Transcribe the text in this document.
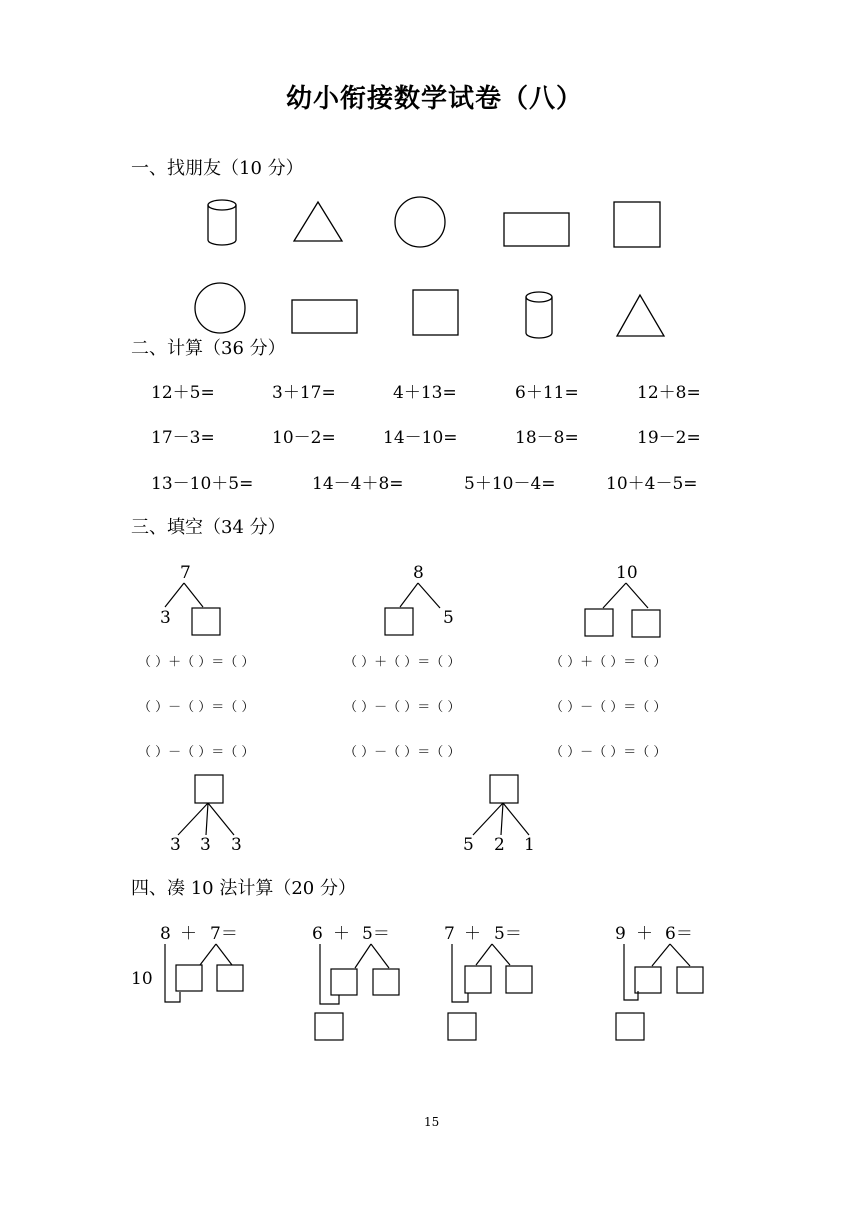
幼小衔接数学试卷（八）
一、找朋友（10 分）
二、计算（36 分）
12＋5=	3＋17=	4＋13=	6＋11=	12＋8=
17－3=	10－2=	14－10=	18－8=	19－2=
13－10＋5=	14－4＋8=	5＋10－4=	10＋4－5=
三、填空（34 分）
7
3
8
5
10
（ ）＋（ ）＝（ ）	（ ）＋（ ）＝（ ）	（ ）＋（ ）＝（ ）
（ ）－（ ）＝（ ）	（ ）－（ ）＝（ ）	（ ）－（ ）＝（ ）
（ ）－（ ）＝（ ）	（ ）－（ ）＝（ ）	（ ）－（ ）＝（ ）
3 3 3	5 2 1
四、凑 10 法计算（20 分）
8 ＋ 7＝
10
6 ＋ 5＝	7 ＋ 5＝	9 ＋ 6＝
15
